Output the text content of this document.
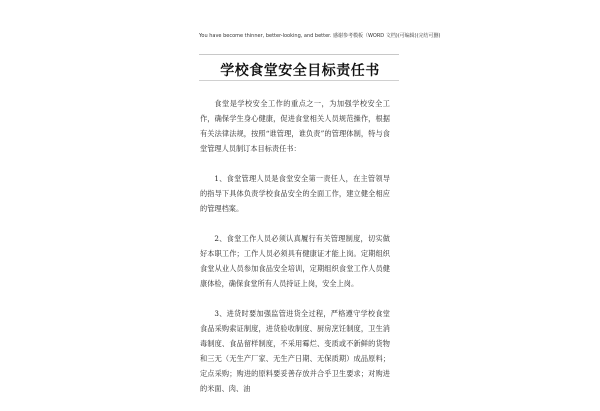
You have become thinner, better-looking, and better. 感谢参考模板（WORD 文档)(可编辑)(完结可删)
学校食堂安全目标责任书

食堂是学校安全工作的重点之一，为加强学校安全工作，确保学生身心健康，促进食堂相关人员规范操作，根据有关法律法规，按照“谁管理，谁负责”的管理体制，特与食堂管理人员制订本目标责任书：

1、食堂管理人员是食堂安全第一责任人，在主管领导的指导下具体负责学校食品安全的全面工作，建立健全相应的管理档案。

2、食堂工作人员必须认真履行有关管理制度，切实做好本职工作；工作人员必须具有健康证才能上岗。定期组织食堂从业人员参加食品安全培训，定期组织食堂工作人员健康体检，确保食堂所有人员持证上岗，安全上岗。

3、进货时要加强监管进货全过程，严格遵守学校食堂食品采购索证制度，进货验收制度、厨房烹饪制度，卫生消毒制度、食品留样制度，不采用霉烂、变质或不新鲜的货物和三无（无生产厂家、无生产日期、无保质期）成品原料；定点采购；购进的原料要妥善存放并合乎卫生要求；对购进的米面、肉、油
